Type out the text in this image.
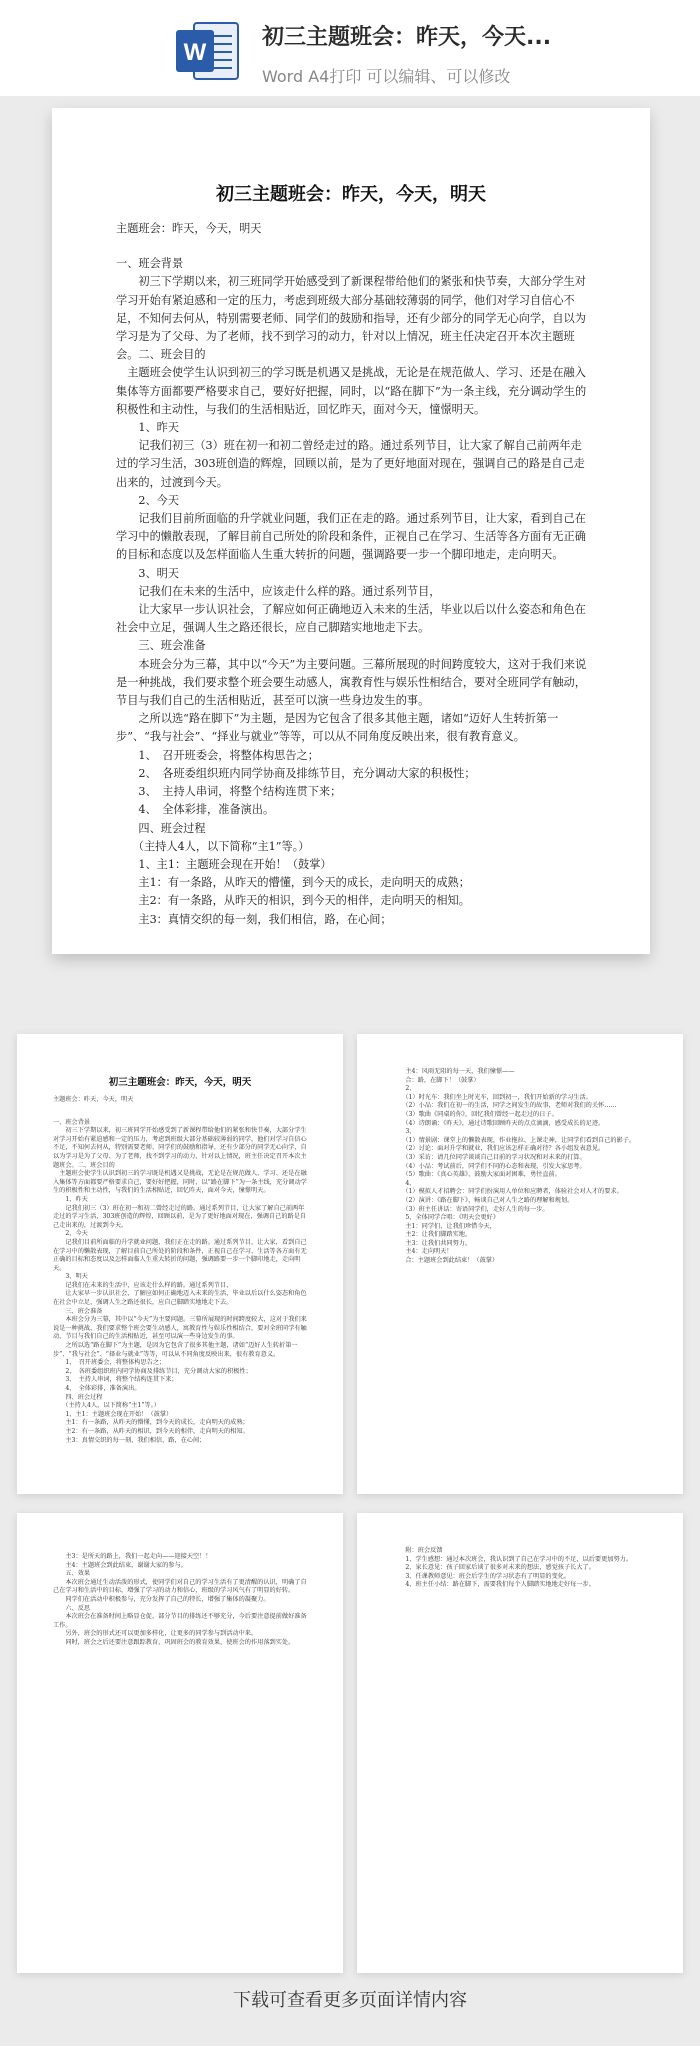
W
初三主题班会：昨天，今天...
Word A4打印 可以编辑、可以修改
初三主题班会：昨天，今天，明天

主题班会：昨天，今天，明天

一、班会背景

　　初三下学期以来，初三班同学开始感受到了新课程带给他们的紧张和快节奏，大部分学生对学习开始有紧迫感和一定的压力，考虑到班级大部分基础较薄弱的同学，他们对学习自信心不足，不知何去何从，特别需要老师、同学们的鼓励和指导，还有少部分的同学无心向学，自以为学习是为了父母、为了老师，找不到学习的动力，针对以上情况，班主任决定召开本次主题班会。二、班会目的

　主题班会使学生认识到初三的学习既是机遇又是挑战，无论是在规范做人、学习、还是在融入集体等方面都要严格要求自己，要好好把握，同时，以“路在脚下”为一条主线，充分调动学生的积极性和主动性，与我们的生活相贴近，回忆昨天，面对今天，憧憬明天。

　　1、昨天

　　记我们初三（3）班在初一和初二曾经走过的路。通过系列节目，让大家了解自己前两年走过的学习生活，303班创造的辉煌，回顾以前，是为了更好地面对现在，强调自己的路是自己走出来的，过渡到今天。

　　2、今天

　　记我们目前所面临的升学就业问题，我们正在走的路。通过系列节目，让大家，看到自己在学习中的懒散表现，了解目前自己所处的阶段和条件，正视自己在学习、生活等各方面有无正确的目标和态度以及怎样面临人生重大转折的问题，强调路要一步一个脚印地走，走向明天。

　　3、明天

　　记我们在未来的生活中，应该走什么样的路。通过系列节目，

　　让大家早一步认识社会，了解应如何正确地迈入未来的生活，毕业以后以什么姿态和角色在社会中立足，强调人生之路还很长，应自己脚踏实地地走下去。

　　三、班会准备

　　本班会分为三幕，其中以“今天”为主要问题。三幕所展现的时间跨度较大，这对于我们来说是一种挑战，我们要求整个班会要生动感人，寓教育性与娱乐性相结合，要对全班同学有触动，节目与我们自己的生活相贴近，甚至可以演一些身边发生的事。

　　之所以选“路在脚下”为主题，是因为它包含了很多其他主题，诸如“迈好人生转折第一步”、“我与社会”、“择业与就业”等等，可以从不同角度反映出来，很有教育意义。

　　1、　召开班委会，将整体构思告之；

　　2、　各班委组织班内同学协商及排练节目，充分调动大家的积极性；

　　3、　主持人串词，将整个结构连贯下来；

　　4、　全体彩排，准备演出。

　　四、班会过程

　　（主持人4人，以下简称“主1”等。）

　　1、主1：主题班会现在开始！（鼓掌）

　　主1：有一条路，从昨天的懵懂，到今天的成长，走向明天的成熟；

　　主2：有一条路，从昨天的相识，到今天的相伴，走向明天的相知。

　　主3：真情交织的每一刻，我们相信，路，在心间；

初三主题班会：昨天，今天，明天

主题班会：昨天，今天，明天

一、班会背景

　　初三下学期以来，初三班同学开始感受到了新课程带给他们的紧张和快节奏，大部分学生对学习开始有紧迫感和一定的压力，考虑到班级大部分基础较薄弱的同学，他们对学习自信心不足，不知何去何从，特别需要老师、同学们的鼓励和指导，还有少部分的同学无心向学，自以为学习是为了父母、为了老师，找不到学习的动力，针对以上情况，班主任决定召开本次主题班会。二、班会目的

　主题班会使学生认识到初三的学习既是机遇又是挑战，无论是在规范做人、学习、还是在融入集体等方面都要严格要求自己，要好好把握，同时，以“路在脚下”为一条主线，充分调动学生的积极性和主动性，与我们的生活相贴近，回忆昨天，面对今天，憧憬明天。

　　1、昨天

　　记我们初三（3）班在初一和初二曾经走过的路。通过系列节目，让大家了解自己前两年走过的学习生活，303班创造的辉煌，回顾以前，是为了更好地面对现在，强调自己的路是自己走出来的，过渡到今天。

　　2、今天

　　记我们目前所面临的升学就业问题，我们正在走的路。通过系列节目，让大家，看到自己在学习中的懒散表现，了解目前自己所处的阶段和条件，正视自己在学习、生活等各方面有无正确的目标和态度以及怎样面临人生重大转折的问题，强调路要一步一个脚印地走，走向明天。

　　3、明天

　　记我们在未来的生活中，应该走什么样的路。通过系列节目，

　　让大家早一步认识社会，了解应如何正确地迈入未来的生活，毕业以后以什么姿态和角色在社会中立足，强调人生之路还很长，应自己脚踏实地地走下去。

　　三、班会准备

　　本班会分为三幕，其中以“今天”为主要问题。三幕所展现的时间跨度较大，这对于我们来说是一种挑战，我们要求整个班会要生动感人，寓教育性与娱乐性相结合，要对全班同学有触动，节目与我们自己的生活相贴近，甚至可以演一些身边发生的事。

　　之所以选“路在脚下”为主题，是因为它包含了很多其他主题，诸如“迈好人生转折第一步”、“我与社会”、“择业与就业”等等，可以从不同角度反映出来，很有教育意义。

　　1、　召开班委会，将整体构思告之；

　　2、　各班委组织班内同学协商及排练节目，充分调动大家的积极性；

　　3、　主持人串词，将整个结构连贯下来；

　　4、　全体彩排，准备演出。

　　四、班会过程

　　（主持人4人，以下简称“主1”等。）

　　1、主1：主题班会现在开始！（鼓掌）

　　主1：有一条路，从昨天的懵懂，到今天的成长，走向明天的成熟；

　　主2：有一条路，从昨天的相识，到今天的相伴，走向明天的相知。

　　主3：真情交织的每一刻，我们相信，路，在心间；

　　主4：风雨无阻的每一天，我们憧憬——

　　合：路，在脚下！（鼓掌）

　　2、

　　（1）时光车：我们坐上时光车，回到初一，我们开始新的学习生活。

　　（2）小品：我们在初一的生活，同学之间发生的故事，老师对我们的关怀……

　　（3）歌曲《同桌的你》，回忆我们曾经一起走过的日子。

　　（4）诗朗诵：《昨天》，通过诗歌回顾昨天的点点滴滴，感受成长的足迹。

　　3、

　　（1）情景剧：课堂上的懒散表现，作业拖拉、上课走神，让同学们看到自己的影子。

　　（2）讨论：面对升学和就业，我们应该怎样正确对待？各小组发表意见。

　　（3）采访：请几位同学谈谈自己目前的学习状况和对未来的打算。

　　（4）小品：考试前后，同学们不同的心态和表现，引发大家思考。

　　（5）歌曲：《真心英雄》，鼓励大家面对困难，勇往直前。

　　4、

　　（1）模拟人才招聘会：同学们扮演用人单位和应聘者，体验社会对人才的要求。

　　（2）演讲：《路在脚下》，畅谈自己对人生之路的理解和规划。

　　（3）班主任讲话：寄语同学们，走好人生的每一步。

　　5、全体同学合唱：《明天会更好》

　　主1：同学们，让我们珍惜今天，

　　主2：让我们脚踏实地，

　　主3：让我们共同努力，

　　主4：走向明天！

　　合：主题班会到此结束！（鼓掌）

　　主3：是所天的路上，我们一起走向——迎接天空！！

　　主4：主题班会到此结束，谢谢大家的参与。

　　五、效果

　　本次班会通过生动活泼的形式，使同学们对自己的学习生活有了更清醒的认识，明确了自己在学习和生活中的目标，增强了学习的动力和信心，班级的学习风气有了明显的好转。

　　同学们在活动中积极参与，充分发挥了自己的特长，增强了集体的凝聚力。

　　六、反思

　　本次班会在准备时间上略显仓促，部分节目的排练还不够充分，今后要注意提前做好准备工作。

　　另外，班会的形式还可以更加多样化，让更多的同学参与到活动中来。

　　同时，班会之后还要注意跟踪教育，巩固班会的教育效果，使班会的作用落到实处。

　　附：班会反馈

　　1、学生感想：通过本次班会，我认识到了自己在学习中的不足，以后要更加努力。

　　2、家长意见：孩子回家后谈了很多对未来的想法，感觉孩子长大了。

　　3、任课教师意见：班会后学生的学习状态有了明显的变化。

　　4、班主任小结：路在脚下，需要我们每个人脚踏实地地走好每一步。

下载可查看更多页面详情内容
